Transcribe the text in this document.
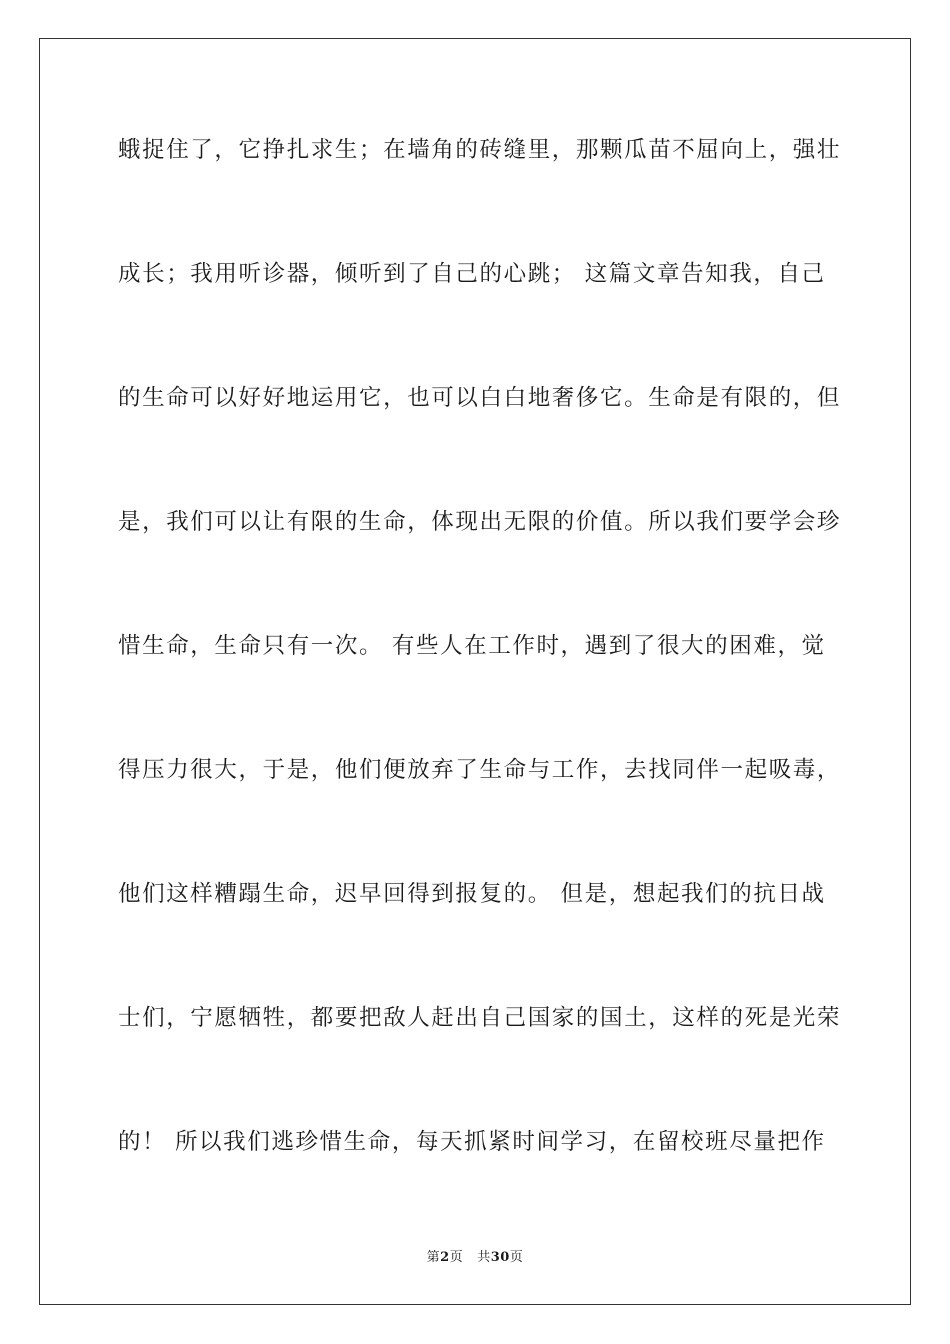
蛾捉住了，它挣扎求生；在墙角的砖缝里，那颗瓜苗不屈向上，强壮
成长；我用听诊器，倾听到了自己的心跳； 这篇文章告知我，自己
的生命可以好好地运用它，也可以白白地奢侈它。生命是有限的，但
是，我们可以让有限的生命，体现出无限的价值。所以我们要学会珍
惜生命，生命只有一次。 有些人在工作时，遇到了很大的困难，觉
得压力很大，于是，他们便放弃了生命与工作，去找同伴一起吸毒，
他们这样糟蹋生命，迟早回得到报复的。 但是，想起我们的抗日战
士们，宁愿牺牲，都要把敌人赶出自己国家的国土，这样的死是光荣
的！ 所以我们逃珍惜生命，每天抓紧时间学习，在留校班尽量把作
第2页 共30页
